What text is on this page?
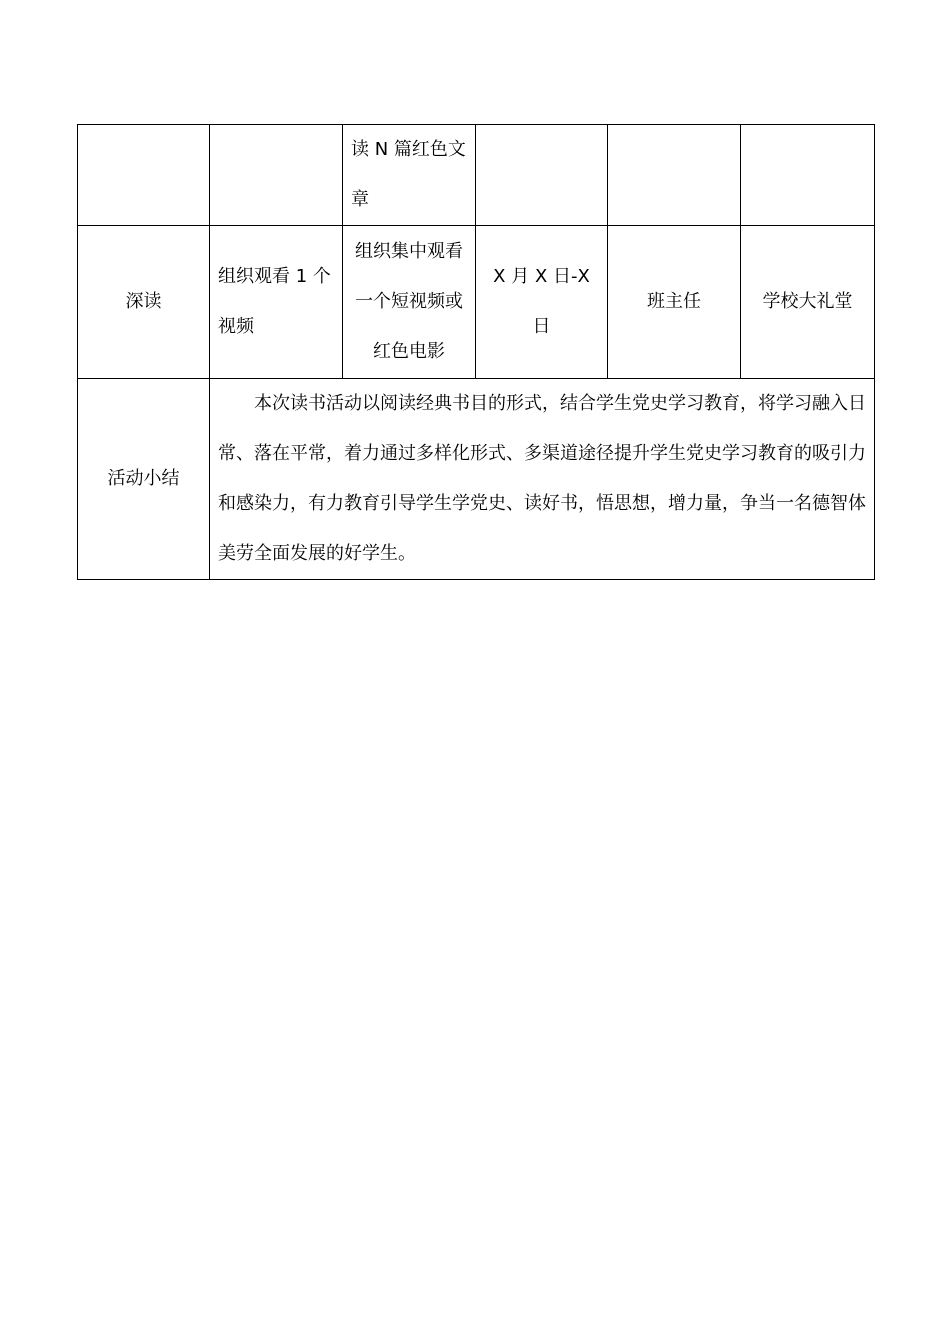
		读 N 篇红色文章			
深读	组织观看 1 个视频	组织集中观看一个短视频或红色电影	X 月 X 日-X 日	班主任	学校大礼堂
活动小结	本次读书活动以阅读经典书目的形式，结合学生党史学习教育，将学习融入日常、落在平常，着力通过多样化形式、多渠道途径提升学生党史学习教育的吸引力和感染力，有力教育引导学生学党史、读好书，悟思想，增力量，争当一名德智体美劳全面发展的好学生。				
